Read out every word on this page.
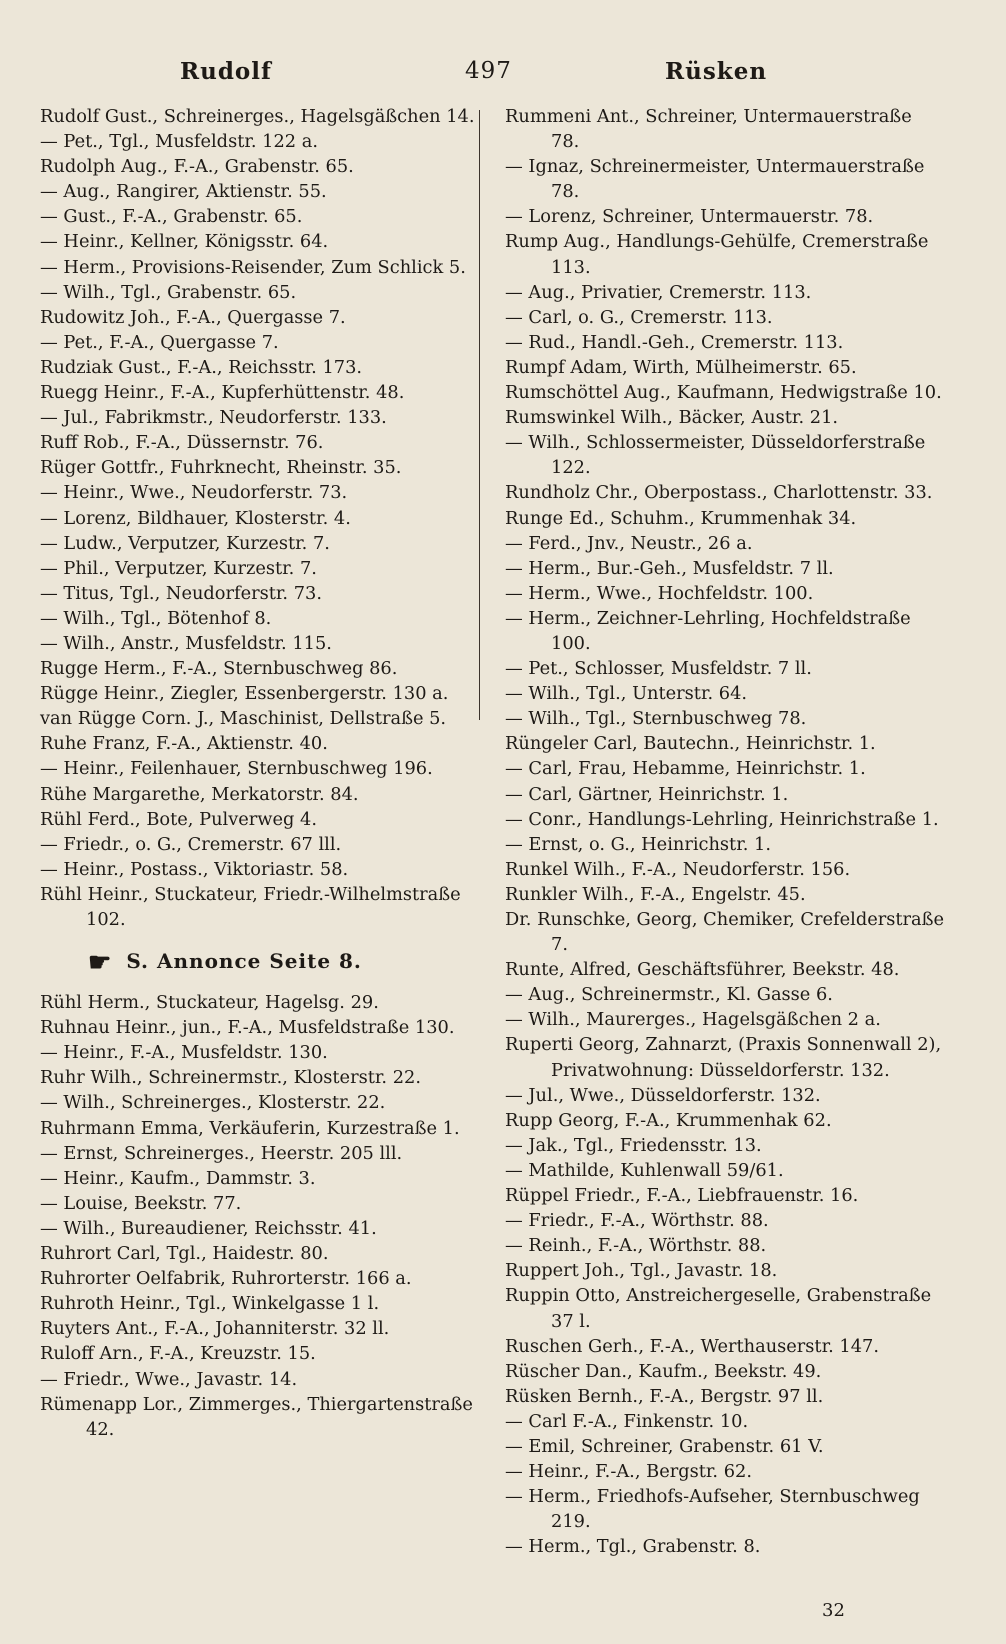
Rudolf	497	Rüsken
Rudolf Gust., Schreinerges., Hagelsgäßchen 14.
— Pet., Tgl., Musfeldstr. 122 a.
Rudolph Aug., F.-A., Grabenstr. 65.
— Aug., Rangirer, Aktienstr. 55.
— Gust., F.-A., Grabenstr. 65.
— Heinr., Kellner, Königsstr. 64.
— Herm., Provisions-Reisender, Zum Schlick 5.
— Wilh., Tgl., Grabenstr. 65.
Rudowitz Joh., F.-A., Quergasse 7.
— Pet., F.-A., Quergasse 7.
Rudziak Gust., F.-A., Reichsstr. 173.
Ruegg Heinr., F.-A., Kupferhüttenstr. 48.
— Jul., Fabrikmstr., Neudorferstr. 133.
Ruff Rob., F.-A., Düssernstr. 76.
Rüger Gottfr., Fuhrknecht, Rheinstr. 35.
— Heinr., Wwe., Neudorferstr. 73.
— Lorenz, Bildhauer, Klosterstr. 4.
— Ludw., Verputzer, Kurzestr. 7.
— Phil., Verputzer, Kurzestr. 7.
— Titus, Tgl., Neudorferstr. 73.
— Wilh., Tgl., Bötenhof 8.
— Wilh., Anstr., Musfeldstr. 115.
Rugge Herm., F.-A., Sternbuschweg 86.
Rügge Heinr., Ziegler, Essenbergerstr. 130 a.
van Rügge Corn. J., Maschinist, Dellstraße 5.
Ruhe Franz, F.-A., Aktienstr. 40.
— Heinr., Feilenhauer, Sternbuschweg 196.
Rühe Margarethe, Merkatorstr. 84.
Rühl Ferd., Bote, Pulverweg 4.
— Friedr., o. G., Cremerstr. 67 lll.
— Heinr., Postass., Viktoriastr. 58.
Rühl Heinr., Stuckateur, Friedr.-Wilhelmstraße 102.
☛ S. Annonce Seite 8.
Rühl Herm., Stuckateur, Hagelsg. 29.
Ruhnau Heinr., jun., F.-A., Musfeldstraße 130.
— Heinr., F.-A., Musfeldstr. 130.
Ruhr Wilh., Schreinermstr., Klosterstr. 22.
— Wilh., Schreinerges., Klosterstr. 22.
Ruhrmann Emma, Verkäuferin, Kurzestraße 1.
— Ernst, Schreinerges., Heerstr. 205 lll.
— Heinr., Kaufm., Dammstr. 3.
— Louise, Beekstr. 77.
— Wilh., Bureaudiener, Reichsstr. 41.
Ruhrort Carl, Tgl., Haidestr. 80.
Ruhrorter Oelfabrik, Ruhrorterstr. 166 a.
Ruhroth Heinr., Tgl., Winkelgasse 1 l.
Ruyters Ant., F.-A., Johanniterstr. 32 ll.
Ruloff Arn., F.-A., Kreuzstr. 15.
— Friedr., Wwe., Javastr. 14.
Rümenapp Lor., Zimmerges., Thiergartenstraße 42.
Rummeni Ant., Schreiner, Untermauerstraße 78.
— Ignaz, Schreinermeister, Untermauerstraße 78.
— Lorenz, Schreiner, Untermauerstr. 78.
Rump Aug., Handlungs-Gehülfe, Cremerstraße 113.
— Aug., Privatier, Cremerstr. 113.
— Carl, o. G., Cremerstr. 113.
— Rud., Handl.-Geh., Cremerstr. 113.
Rumpf Adam, Wirth, Mülheimerstr. 65.
Rumschöttel Aug., Kaufmann, Hedwigstraße 10.
Rumswinkel Wilh., Bäcker, Austr. 21.
— Wilh., Schlossermeister, Düsseldorferstraße 122.
Rundholz Chr., Oberpostass., Charlottenstr. 33.
Runge Ed., Schuhm., Krummenhak 34.
— Ferd., Jnv., Neustr., 26 a.
— Herm., Bur.-Geh., Musfeldstr. 7 ll.
— Herm., Wwe., Hochfeldstr. 100.
— Herm., Zeichner-Lehrling, Hochfeldstraße 100.
— Pet., Schlosser, Musfeldstr. 7 ll.
— Wilh., Tgl., Unterstr. 64.
— Wilh., Tgl., Sternbuschweg 78.
Rüngeler Carl, Bautechn., Heinrichstr. 1.
— Carl, Frau, Hebamme, Heinrichstr. 1.
— Carl, Gärtner, Heinrichstr. 1.
— Conr., Handlungs-Lehrling, Heinrichstraße 1.
— Ernst, o. G., Heinrichstr. 1.
Runkel Wilh., F.-A., Neudorferstr. 156.
Runkler Wilh., F.-A., Engelstr. 45.
Dr. Runschke, Georg, Chemiker, Crefelderstraße 7.
Runte, Alfred, Geschäftsführer, Beekstr. 48.
— Aug., Schreinermstr., Kl. Gasse 6.
— Wilh., Maurerges., Hagelsgäßchen 2 a.
Ruperti Georg, Zahnarzt, (Praxis Sonnenwall 2), Privatwohnung: Düsseldorferstr. 132.
— Jul., Wwe., Düsseldorferstr. 132.
Rupp Georg, F.-A., Krummenhak 62.
— Jak., Tgl., Friedensstr. 13.
— Mathilde, Kuhlenwall 59/61.
Rüppel Friedr., F.-A., Liebfrauenstr. 16.
— Friedr., F.-A., Wörthstr. 88.
— Reinh., F.-A., Wörthstr. 88.
Ruppert Joh., Tgl., Javastr. 18.
Ruppin Otto, Anstreichergeselle, Grabenstraße 37 l.
Ruschen Gerh., F.-A., Werthauserstr. 147.
Rüscher Dan., Kaufm., Beekstr. 49.
Rüsken Bernh., F.-A., Bergstr. 97 ll.
— Carl F.-A., Finkenstr. 10.
— Emil, Schreiner, Grabenstr. 61 V.
— Heinr., F.-A., Bergstr. 62.
— Herm., Friedhofs-Aufseher, Sternbuschweg 219.
— Herm., Tgl., Grabenstr. 8.
32
